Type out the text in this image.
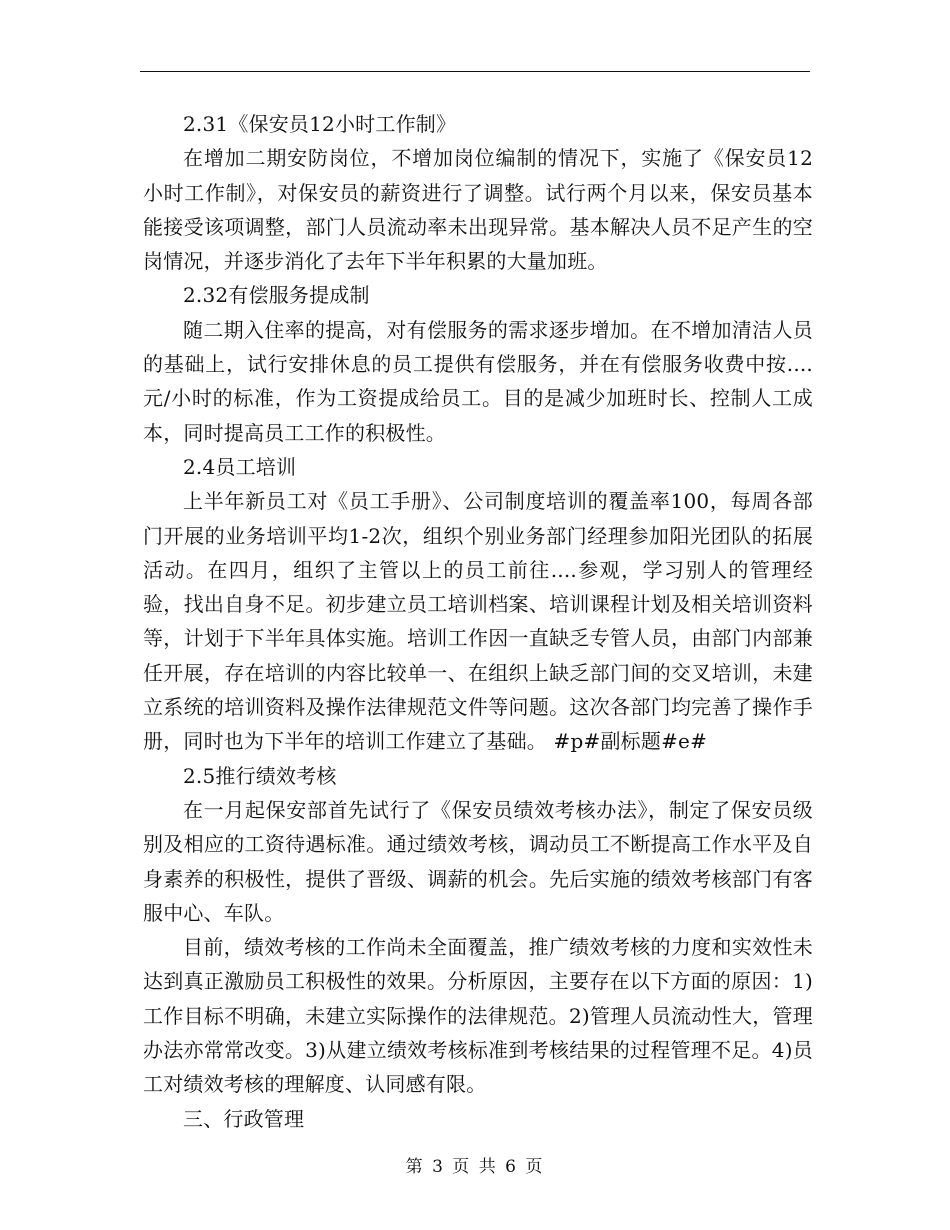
2.31《保安员12小时工作制》

在增加二期安防岗位，不增加岗位编制的情况下，实施了《保安员12小时工作制》，对保安员的薪资进行了调整。试行两个月以来，保安员基本能接受该项调整，部门人员流动率未出现异常。基本解决人员不足产生的空岗情况，并逐步消化了去年下半年积累的大量加班。

2.32有偿服务提成制

随二期入住率的提高，对有偿服务的需求逐步增加。在不增加清洁人员的基础上，试行安排休息的员工提供有偿服务，并在有偿服务收费中按....元/小时的标准，作为工资提成给员工。目的是减少加班时长、控制人工成本，同时提高员工工作的积极性。

2.4员工培训

上半年新员工对《员工手册》、公司制度培训的覆盖率100，每周各部门开展的业务培训平均1-2次，组织个别业务部门经理参加阳光团队的拓展活动。在四月，组织了主管以上的员工前往....参观，学习别人的管理经验，找出自身不足。初步建立员工培训档案、培训课程计划及相关培训资料等，计划于下半年具体实施。培训工作因一直缺乏专管人员，由部门内部兼任开展，存在培训的内容比较单一、在组织上缺乏部门间的交叉培训，未建立系统的培训资料及操作法律规范文件等问题。这次各部门均完善了操作手册，同时也为下半年的培训工作建立了基础。 #p#副标题#e#

2.5推行绩效考核

在一月起保安部首先试行了《保安员绩效考核办法》，制定了保安员级别及相应的工资待遇标准。通过绩效考核，调动员工不断提高工作水平及自身素养的积极性，提供了晋级、调薪的机会。先后实施的绩效考核部门有客服中心、车队。

目前，绩效考核的工作尚未全面覆盖，推广绩效考核的力度和实效性未达到真正激励员工积极性的效果。分析原因，主要存在以下方面的原因：1)工作目标不明确，未建立实际操作的法律规范。2)管理人员流动性大，管理办法亦常常改变。3)从建立绩效考核标准到考核结果的过程管理不足。4)员工对绩效考核的理解度、认同感有限。

三、行政管理

第 3 页 共 6 页
